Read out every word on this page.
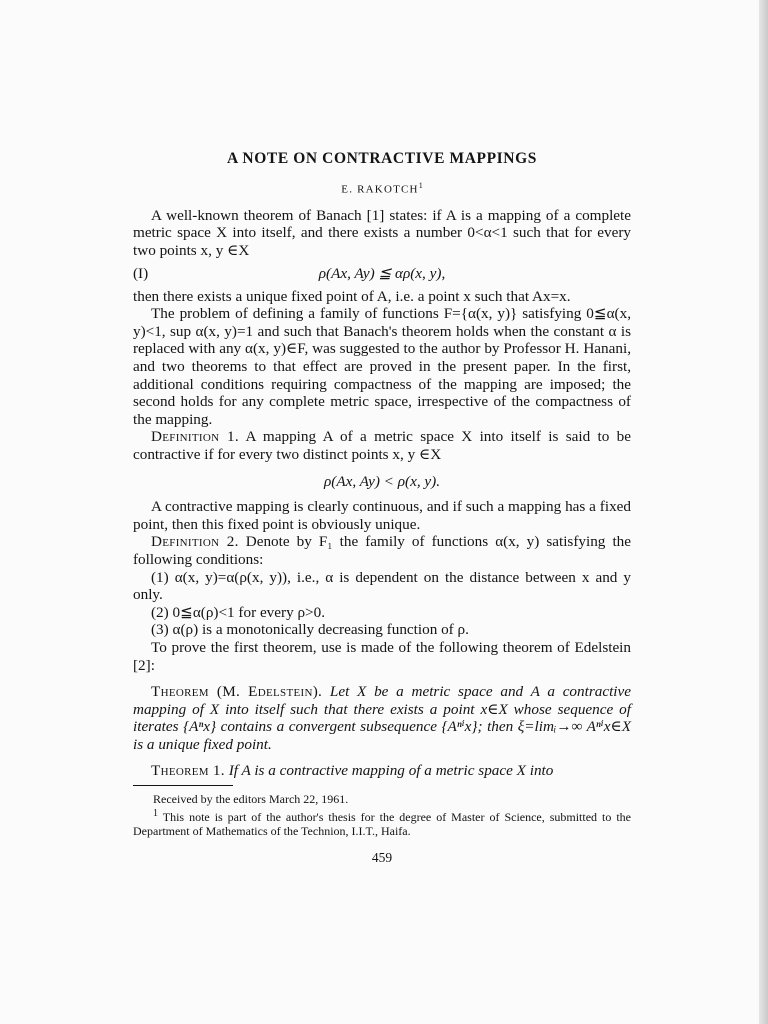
A NOTE ON CONTRACTIVE MAPPINGS
E. RAKOTCH$^1$

A well-known theorem of Banach [1] states: if A is a mapping of a complete metric space X into itself, and there exists a number 0<α<1 such that for every two points x, y ∈X

(I)	ρ(Ax, Ay) ≦ αρ(x, y),

then there exists a unique fixed point of A, i.e. a point x such that Ax=x.

The problem of defining a family of functions F={α(x, y)} satisfying 0≦α(x, y)<1, sup α(x, y)=1 and such that Banach's theorem holds when the constant α is replaced with any α(x, y)∈F, was suggested to the author by Professor H. Hanani, and two theorems to that effect are proved in the present paper. In the first, additional conditions requiring compactness of the mapping are imposed; the second holds for any complete metric space, irrespective of the compactness of the mapping.

Definition 1. A mapping A of a metric space X into itself is said to be contractive if for every two distinct points x, y ∈X

ρ(Ax, Ay) < ρ(x, y).

A contractive mapping is clearly continuous, and if such a mapping has a fixed point, then this fixed point is obviously unique.

Definition 2. Denote by F₁ the family of functions α(x, y) satisfying the following conditions:

(1) α(x, y)=α(ρ(x, y)), i.e., α is dependent on the distance between x and y only.

(2) 0≦α(ρ)<1 for every ρ>0.

(3) α(ρ) is a monotonically decreasing function of ρ.

To prove the first theorem, use is made of the following theorem of Edelstein [2]:

Theorem (M. Edelstein). Let X be a metric space and A a contractive mapping of X into itself such that there exists a point x∈X whose sequence of iterates {Aⁿx} contains a convergent subsequence {Aⁿⁱx}; then ξ=limᵢ→∞ Aⁿⁱx∈X is a unique fixed point.

Theorem 1. If A is a contractive mapping of a metric space X into

Received by the editors March 22, 1961.

$^1$ This note is part of the author's thesis for the degree of Master of Science, submitted to the Department of Mathematics of the Technion, I.I.T., Haifa.

459
